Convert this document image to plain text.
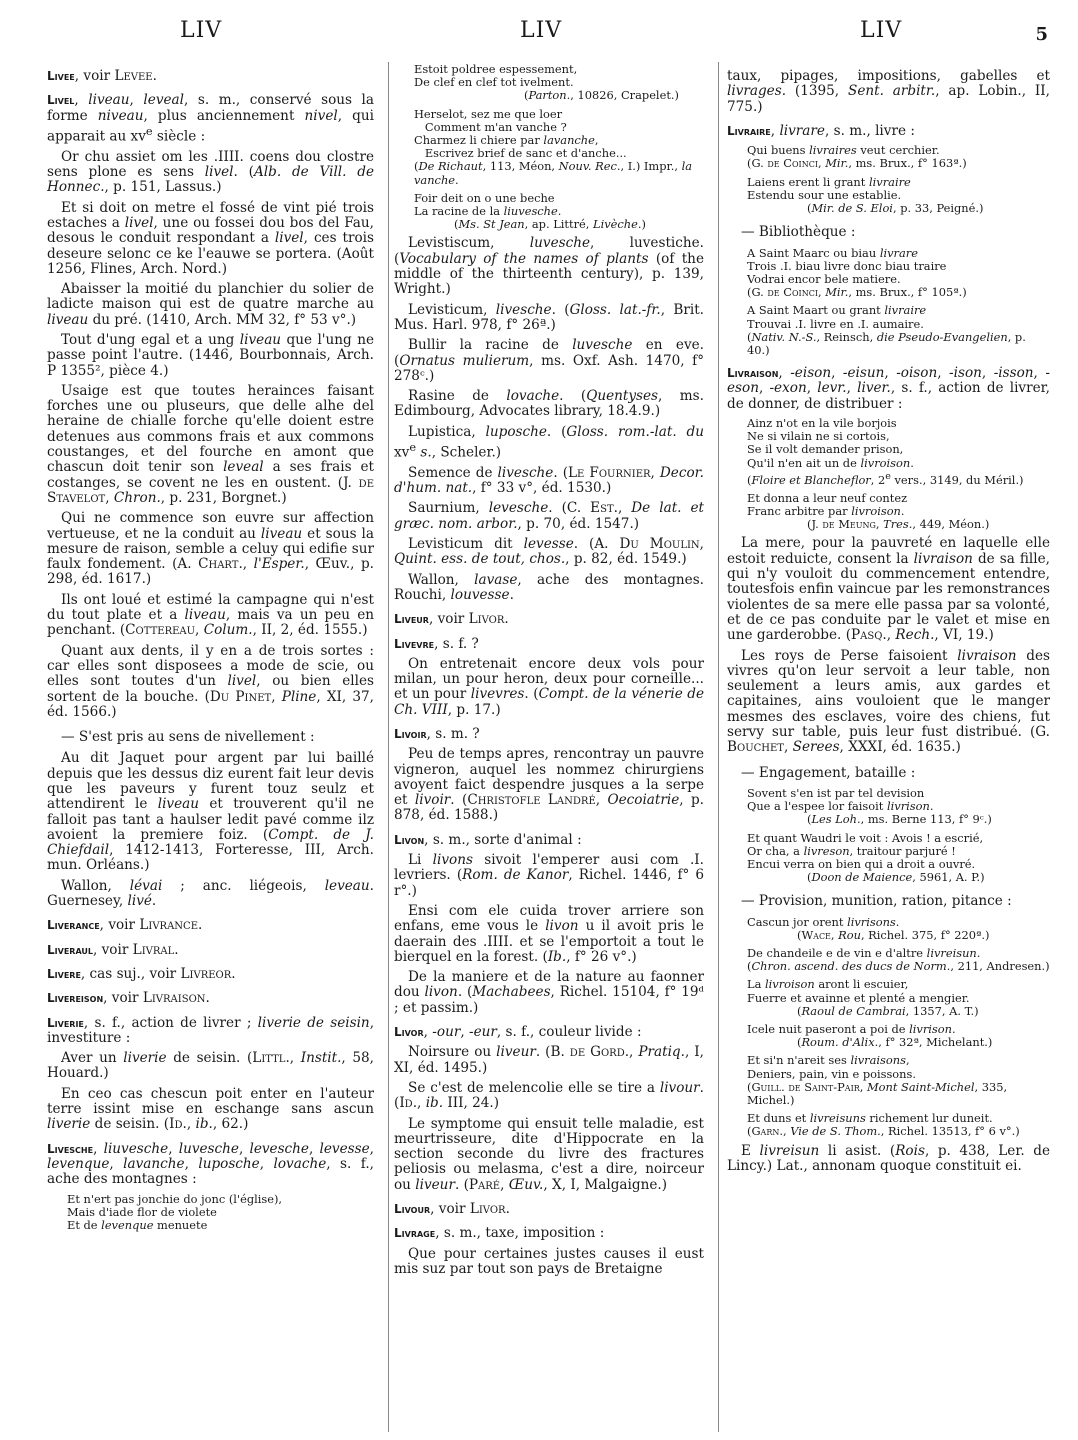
LIV	LIV	LIV	5

Livee, voir Levee.

Livel, liveau, leveal, s. m., conservé sous la forme niveau, plus anciennement nivel, qui apparait au $xv^e$ siècle :

Or chu assiet om les .IIII. coens dou clostre sens plone es sens livel. (Alb. de Vill. de Honnec., p. 151, Lassus.)

Et si doit on metre el fossé de vint pié trois estaches a livel, une ou fossei dou bos del Fau, desous le conduit respondant a livel, ces trois deseure selonc ce ke l'eauwe se portera. (Août 1256, Flines, Arch. Nord.)

Abaisser la moitié du planchier du solier de ladicte maison qui est de quatre marche au liveau du pré. (1410, Arch. MM 32, f° 53 v°.)

Tout d'ung egal et a ung liveau que l'ung ne passe point l'autre. (1446, Bourbonnais, Arch. P 1355², pièce 4.)

Usaige est que toutes herainces faisant forches une ou pluseurs, que delle alhe del heraine de chialle forche qu'elle doient estre detenues aus commons frais et aux commons coustanges, et del fourche en amont que chascun doit tenir son leveal a ses frais et costanges, se covent ne les en oustent. (J. de Stavelot, Chron., p. 231, Borgnet.)

Qui ne commence son euvre sur affection vertueuse, et ne la conduit au liveau et sous la mesure de raison, semble a celuy qui edifie sur faulx fondement. (A. Chart., l'Esper., Œuv., p. 298, éd. 1617.)

Ils ont loué et estimé la campagne qui n'est du tout plate et a liveau, mais va un peu en penchant. (Cottereau, Colum., II, 2, éd. 1555.)

Quant aux dents, il y en a de trois sortes : car elles sont disposees a mode de scie, ou elles sont toutes d'un livel, ou bien elles sortent de la bouche. (Du Pinet, Pline, XI, 37, éd. 1566.)

— S'est pris au sens de nivellement :

Au dit Jaquet pour argent par lui baillé depuis que les dessus diz eurent fait leur devis que les paveurs y furent touz seulz et attendirent le liveau et trouverent qu'il ne falloit pas tant a haulser ledit pavé comme ilz avoient la premiere foiz. (Compt. de J. Chiefdail, 1412-1413, Forteresse, III, Arch. mun. Orléans.)

Wallon, lévai ; anc. liégeois, leveau. Guernesey, livé.

Liverance, voir Livrance.

Liveraul, voir Livral.

Livere, cas suj., voir Livreor.

Livereison, voir Livraison.

Liverie, s. f., action de livrer ; liverie de seisin, investiture :

Aver un liverie de seisin. (Littl., Instit., 58, Houard.)

En ceo cas chescun poit enter en l'auteur terre issint mise en eschange sans ascun liverie de seisin. (Id., ib., 62.)

Livesche, liuvesche, luvesche, levesche, levesse, levenque, lavanche, luposche, lovache, s. f., ache des montagnes :

Et n'ert pas jonchie do jonc (l'église),
Mais d'iade flor de violete
Et de levenque menuete

Estoit poldree espessement,
De clef en clef tot ivelment.
(Parton., 10826, Crapelet.)

Herselot, sez me que loer
Comment m'an vanche ?
Charmez li chiere par lavanche,
Escrivez brief de sanc et d'anche...
(De Richaut, 113, Méon, Nouv. Rec., I.) Impr., la vanche.

Foir deit on o une beche
La racine de la liuvesche.
(Ms. St Jean, ap. Littré, Livèche.)

Levistiscum, luvesche, luvestiche. (Vocabulary of the names of plants (of the middle of the thirteenth century), p. 139, Wright.)

Levisticum, livesche. (Gloss. lat.-fr., Brit. Mus. Harl. 978, f° 26ª.)

Bullir la racine de luvesche en eve. (Ornatus mulierum, ms. Oxf. Ash. 1470, f° 278ᶜ.)

Rasine de lovache. (Quentyses, ms. Edimbourg, Advocates library, 18.4.9.)

Lupistica, luposche. (Gloss. rom.-lat. du $xv^e$ s., Scheler.)

Semence de livesche. (Le Fournier, Decor. d'hum. nat., f° 33 v°, éd. 1530.)

Saurnium, levesche. (C. Est., De lat. et græc. nom. arbor., p. 70, éd. 1547.)

Levisticum dit levesse. (A. Du Moulin, Quint. ess. de tout, chos., p. 82, éd. 1549.)

Wallon, lavase, ache des montagnes. Rouchi, louvesse.

Liveur, voir Livor.

Livevre, s. f. ?

On entretenait encore deux vols pour milan, un pour heron, deux pour corneille... et un pour livevres. (Compt. de la vénerie de Ch. VIII, p. 17.)

Livoir, s. m. ?

Peu de temps apres, rencontray un pauvre vigneron, auquel les nommez chirurgiens avoyent faict despendre jusques a la serpe et livoir. (Christofle Landré, Oecoiatrie, p. 878, éd. 1588.)

Livon, s. m., sorte d'animal :

Li livons sivoit l'emperer ausi com .I. levriers. (Rom. de Kanor, Richel. 1446, f° 6 r°.)

Ensi com ele cuida trover arriere son enfans, eme vous le livon u il avoit pris le daerain des .IIII. et se l'emportoit a tout le bierquel en la forest. (Ib., f° 26 v°.)

De la maniere et de la nature au faonner dou livon. (Machabees, Richel. 15104, f° 19ᵈ ; et passim.)

Livor, -our, -eur, s. f., couleur livide :

Noirsure ou liveur. (B. de Gord., Pratiq., I, XI, éd. 1495.)

Se c'est de melencolie elle se tire a livour. (Id., ib. III, 24.)

Le symptome qui ensuit telle maladie, est meurtrisseure, dite d'Hippocrate en la section seconde du livre des fractures peliosis ou melasma, c'est a dire, noirceur ou liveur. (Paré, Œuv., X, I, Malgaigne.)

Livour, voir Livor.

Livrage, s. m., taxe, imposition :

Que pour certaines justes causes il eust mis suz par tout son pays de Bretaigne

taux, pipages, impositions, gabelles et livrages. (1395, Sent. arbitr., ap. Lobin., II, 775.)

Livraire, livrare, s. m., livre :

Qui buens livraires veut cerchier.
(G. de Coinci, Mir., ms. Brux., f° 163ª.)

Laiens erent li grant livraire
Estendu sour une establie.
(Mir. de S. Eloi, p. 33, Peigné.)

— Bibliothèque :

A Saint Maarc ou biau livrare
Trois .I. biau livre donc biau traire
Vodrai encor bele matiere.
(G. de Coinci, Mir., ms. Brux., f° 105ª.)

A Saint Maart ou grant livraire
Trouvai .I. livre en .I. aumaire.
(Nativ. N.-S., Reinsch, die Pseudo-Evangelien, p. 40.)

Livraison, -eison, -eisun, -oison, -ison, -isson, -eson, -exon, levr., liver., s. f., action de livrer, de donner, de distribuer :

Ainz n'ot en la vile borjois
Ne si vilain ne si cortois,
Se il volt demander prison,
Qu'il n'en ait un de livroison.
(Floire et Blancheflor, 2e vers., 3149, du Méril.)

Et donna a leur neuf contez
Franc arbitre par livroison.
(J. de Meung, Tres., 449, Méon.)

La mere, pour la pauvreté en laquelle elle estoit reduicte, consent la livraison de sa fille, qui n'y vouloit du commencement entendre, toutesfois enfin vaincue par les remonstrances violentes de sa mere elle passa par sa volonté, et de ce pas conduite par le valet et mise en une garderobbe. (Pasq., Rech., VI, 19.)

Les roys de Perse faisoient livraison des vivres qu'on leur servoit a leur table, non seulement a leurs amis, aux gardes et capitaines, ains vouloient que le manger mesmes des esclaves, voire des chiens, fut servy sur table, puis leur fust distribué. (G. Bouchet, Serees, XXXI, éd. 1635.)

— Engagement, bataille :

Sovent s'en ist par tel devision
Que a l'espee lor faisoit livrison.
(Les Loh., ms. Berne 113, f° 9ᶜ.)

Et quant Waudri le voit : Avois ! a escrié,
Or cha, a livreson, traitour parjuré !
Encui verra on bien qui a droit a ouvré.
(Doon de Maience, 5961, A. P.)

— Provision, munition, ration, pitance :

Cascun jor orent livrisons.
(Wace, Rou, Richel. 375, f° 220ª.)

De chandeile e de vin e d'altre livreisun.
(Chron. ascend. des ducs de Norm., 211, Andresen.)

La livroison aront li escuier,
Fuerre et avainne et plenté a mengier.
(Raoul de Cambrai, 1357, A. T.)

Icele nuit paseront a poi de livrison.
(Roum. d'Alix., f° 32ª, Michelant.)

Et si'n n'areit ses livraisons,
Deniers, pain, vin e poissons.
(Guill. de Saint-Pair, Mont Saint-Michel, 335, Michel.)

Et duns et livreisuns richement lur duneit.
(Garn., Vie de S. Thom., Richel. 13513, f° 6 v°.)

E livreisun li asist. (Rois, p. 438, Ler. de Lincy.) Lat., annonam quoque constituit ei.
